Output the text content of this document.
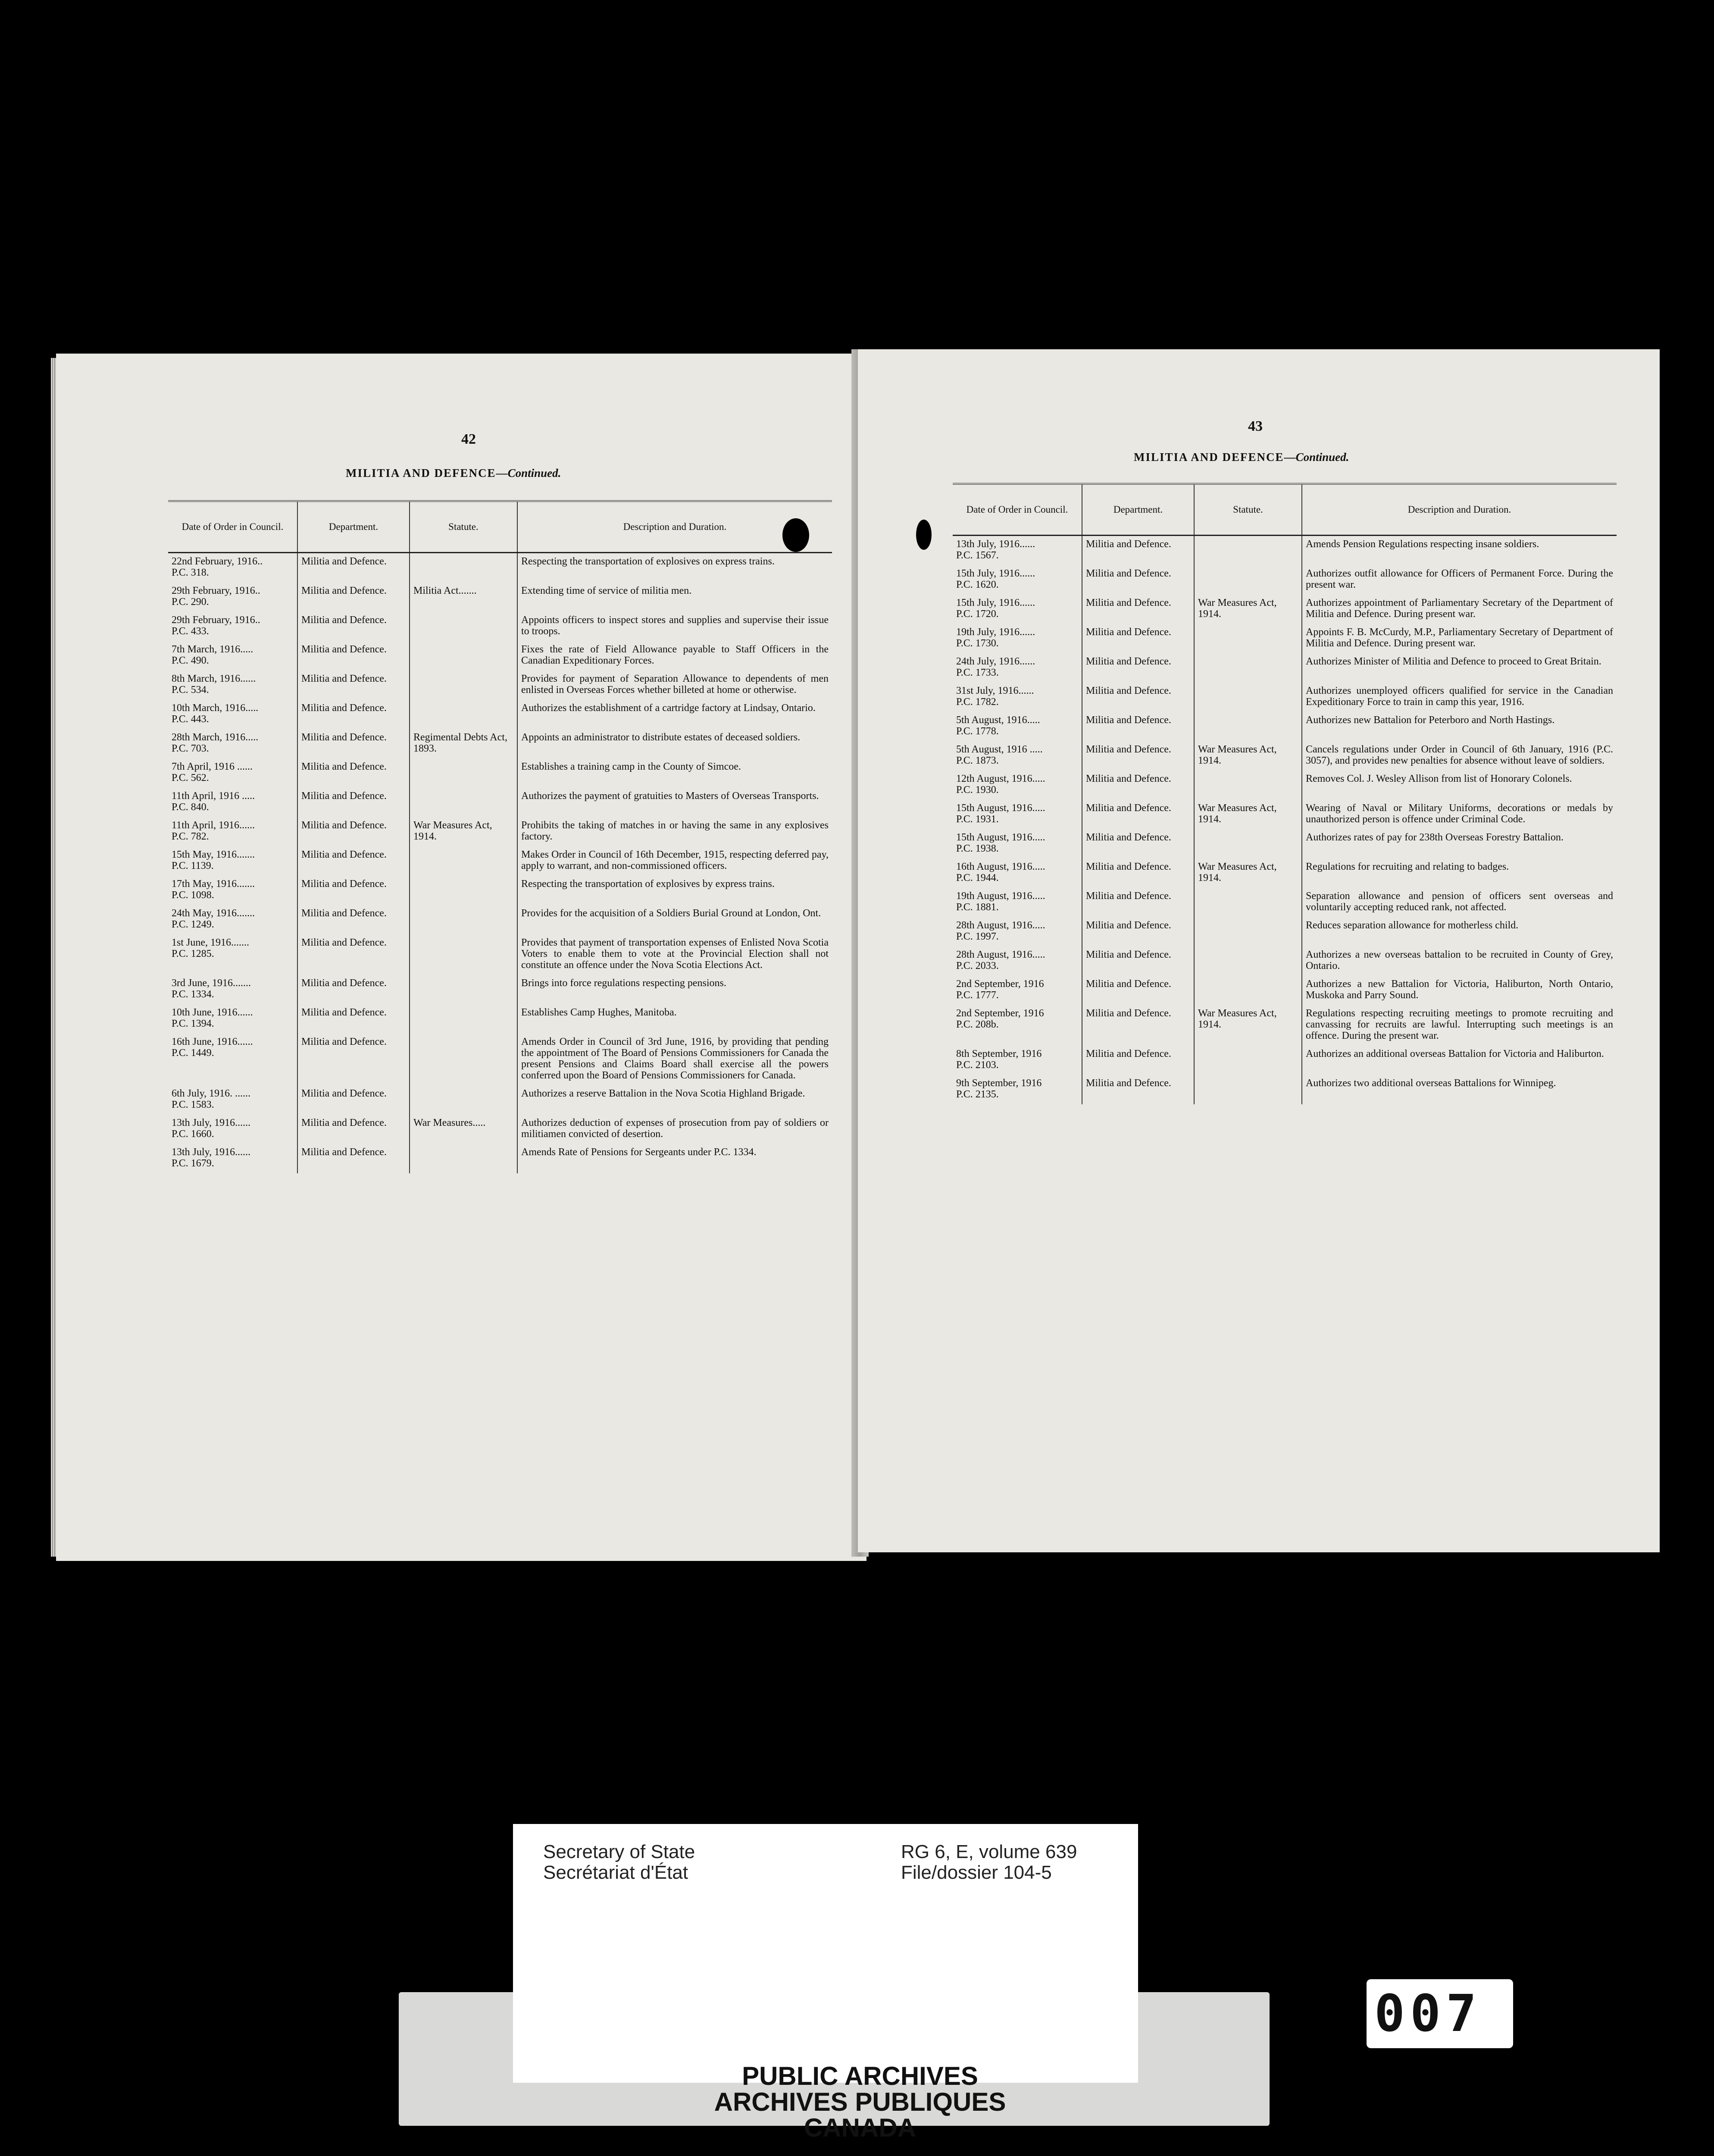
42
MILITIA AND DEFENCE—Continued.
Date of Order in Council.	Department.	Statute.	Description and Duration.

22nd February, 1916..
P.C. 318.	Militia and Defence.		Respecting the transportation of explosives on express trains.

29th February, 1916..
P.C. 290.	Militia and Defence.	Militia Act.......	Extending time of service of militia men.

29th February, 1916..
P.C. 433.	Militia and Defence.		Appoints officers to inspect stores and supplies and supervise their issue to troops.

7th March, 1916.....
P.C. 490.	Militia and Defence.		Fixes the rate of Field Allowance payable to Staff Officers in the Canadian Expeditionary Forces.

8th March, 1916......
P.C. 534.	Militia and Defence.		Provides for payment of Separation Allowance to dependents of men enlisted in Overseas Forces whether billeted at home or otherwise.

10th March, 1916.....
P.C. 443.	Militia and Defence.		Authorizes the establishment of a cartridge factory at Lindsay, Ontario.

28th March, 1916.....
P.C. 703.	Militia and Defence.	Regimental Debts Act, 1893.	Appoints an administrator to distribute estates of deceased soldiers.

7th April, 1916 ......
P.C. 562.	Militia and Defence.		Establishes a training camp in the County of Simcoe.

11th April, 1916 .....
P.C. 840.	Militia and Defence.		Authorizes the payment of gratuities to Masters of Overseas Transports.

11th April, 1916......
P.C. 782.	Militia and Defence.	War Measures Act, 1914.	Prohibits the taking of matches in or having the same in any explosives factory.

15th May, 1916.......
P.C. 1139.	Militia and Defence.		Makes Order in Council of 16th December, 1915, respecting deferred pay, apply to warrant, and non-commissioned officers.

17th May, 1916.......
P.C. 1098.	Militia and Defence.		Respecting the transportation of explosives by express trains.

24th May, 1916.......
P.C. 1249.	Militia and Defence.		Provides for the acquisition of a Soldiers Burial Ground at London, Ont.

1st June, 1916.......
P.C. 1285.	Militia and Defence.		Provides that payment of transportation expenses of Enlisted Nova Scotia Voters to enable them to vote at the Provincial Election shall not constitute an offence under the Nova Scotia Elections Act.

3rd June, 1916.......
P.C. 1334.	Militia and Defence.		Brings into force regulations respecting pensions.

10th June, 1916......
P.C. 1394.	Militia and Defence.		Establishes Camp Hughes, Manitoba.

16th June, 1916......
P.C. 1449.	Militia and Defence.		Amends Order in Council of 3rd June, 1916, by providing that pending the appointment of The Board of Pensions Commissioners for Canada the present Pensions and Claims Board shall exercise all the powers conferred upon the Board of Pensions Commissioners for Canada.

6th July, 1916. ......
P.C. 1583.	Militia and Defence.		Authorizes a reserve Battalion in the Nova Scotia Highland Brigade.

13th July, 1916......
P.C. 1660.	Militia and Defence.	War Measures.....	Authorizes deduction of expenses of prosecution from pay of soldiers or militiamen convicted of desertion.

13th July, 1916......
P.C. 1679.	Militia and Defence.		Amends Rate of Pensions for Sergeants under P.C. 1334.
43
MILITIA AND DEFENCE—Continued.
Date of Order in Council.	Department.	Statute.	Description and Duration.

13th July, 1916......
P.C. 1567.	Militia and Defence.		Amends Pension Regulations respecting insane soldiers.

15th July, 1916......
P.C. 1620.	Militia and Defence.		Authorizes outfit allowance for Officers of Permanent Force. During the present war.

15th July, 1916......
P.C. 1720.	Militia and Defence.	War Measures Act, 1914.	Authorizes appointment of Parliamentary Secretary of the Department of Militia and Defence. During present war.

19th July, 1916......
P.C. 1730.	Militia and Defence.		Appoints F. B. McCurdy, M.P., Parliamentary Secretary of Department of Militia and Defence. During present war.

24th July, 1916......
P.C. 1733.	Militia and Defence.		Authorizes Minister of Militia and Defence to proceed to Great Britain.

31st July, 1916......
P.C. 1782.	Militia and Defence.		Authorizes unemployed officers qualified for service in the Canadian Expeditionary Force to train in camp this year, 1916.

5th August, 1916.....
P.C. 1778.	Militia and Defence.		Authorizes new Battalion for Peterboro and North Hastings.

5th August, 1916 .....
P.C. 1873.	Militia and Defence.	War Measures Act, 1914.	Cancels regulations under Order in Council of 6th January, 1916 (P.C. 3057), and provides new penalties for absence without leave of soldiers.

12th August, 1916.....
P.C. 1930.	Militia and Defence.		Removes Col. J. Wesley Allison from list of Honorary Colonels.

15th August, 1916.....
P.C. 1931.	Militia and Defence.	War Measures Act, 1914.	Wearing of Naval or Military Uniforms, decorations or medals by unauthorized person is offence under Criminal Code.

15th August, 1916.....
P.C. 1938.	Militia and Defence.		Authorizes rates of pay for 238th Overseas Forestry Battalion.

16th August, 1916.....
P.C. 1944.	Militia and Defence.	War Measures Act, 1914.	Regulations for recruiting and relating to badges.

19th August, 1916.....
P.C. 1881.	Militia and Defence.		Separation allowance and pension of officers sent overseas and voluntarily accepting reduced rank, not affected.

28th August, 1916.....
P.C. 1997.	Militia and Defence.		Reduces separation allowance for motherless child.

28th August, 1916.....
P.C. 2033.	Militia and Defence.		Authorizes a new overseas battalion to be recruited in County of Grey, Ontario.

2nd September, 1916
P.C. 1777.	Militia and Defence.		Authorizes a new Battalion for Victoria, Haliburton, North Ontario, Muskoka and Parry Sound.

2nd September, 1916
P.C. 208b.	Militia and Defence.	War Measures Act, 1914.	Regulations respecting recruiting meetings to promote recruiting and canvassing for recruits are lawful. Interrupting such meetings is an offence. During the present war.

8th September, 1916
P.C. 2103.	Militia and Defence.		Authorizes an additional overseas Battalion for Victoria and Haliburton.

9th September, 1916
P.C. 2135.	Militia and Defence.		Authorizes two additional overseas Battalions for Winnipeg.
Secretary of State
Secrétariat d'État
RG 6, E, volume 639
File/dossier 104-5
PUBLIC ARCHIVES
ARCHIVES PUBLIQUES
CANADA
007
